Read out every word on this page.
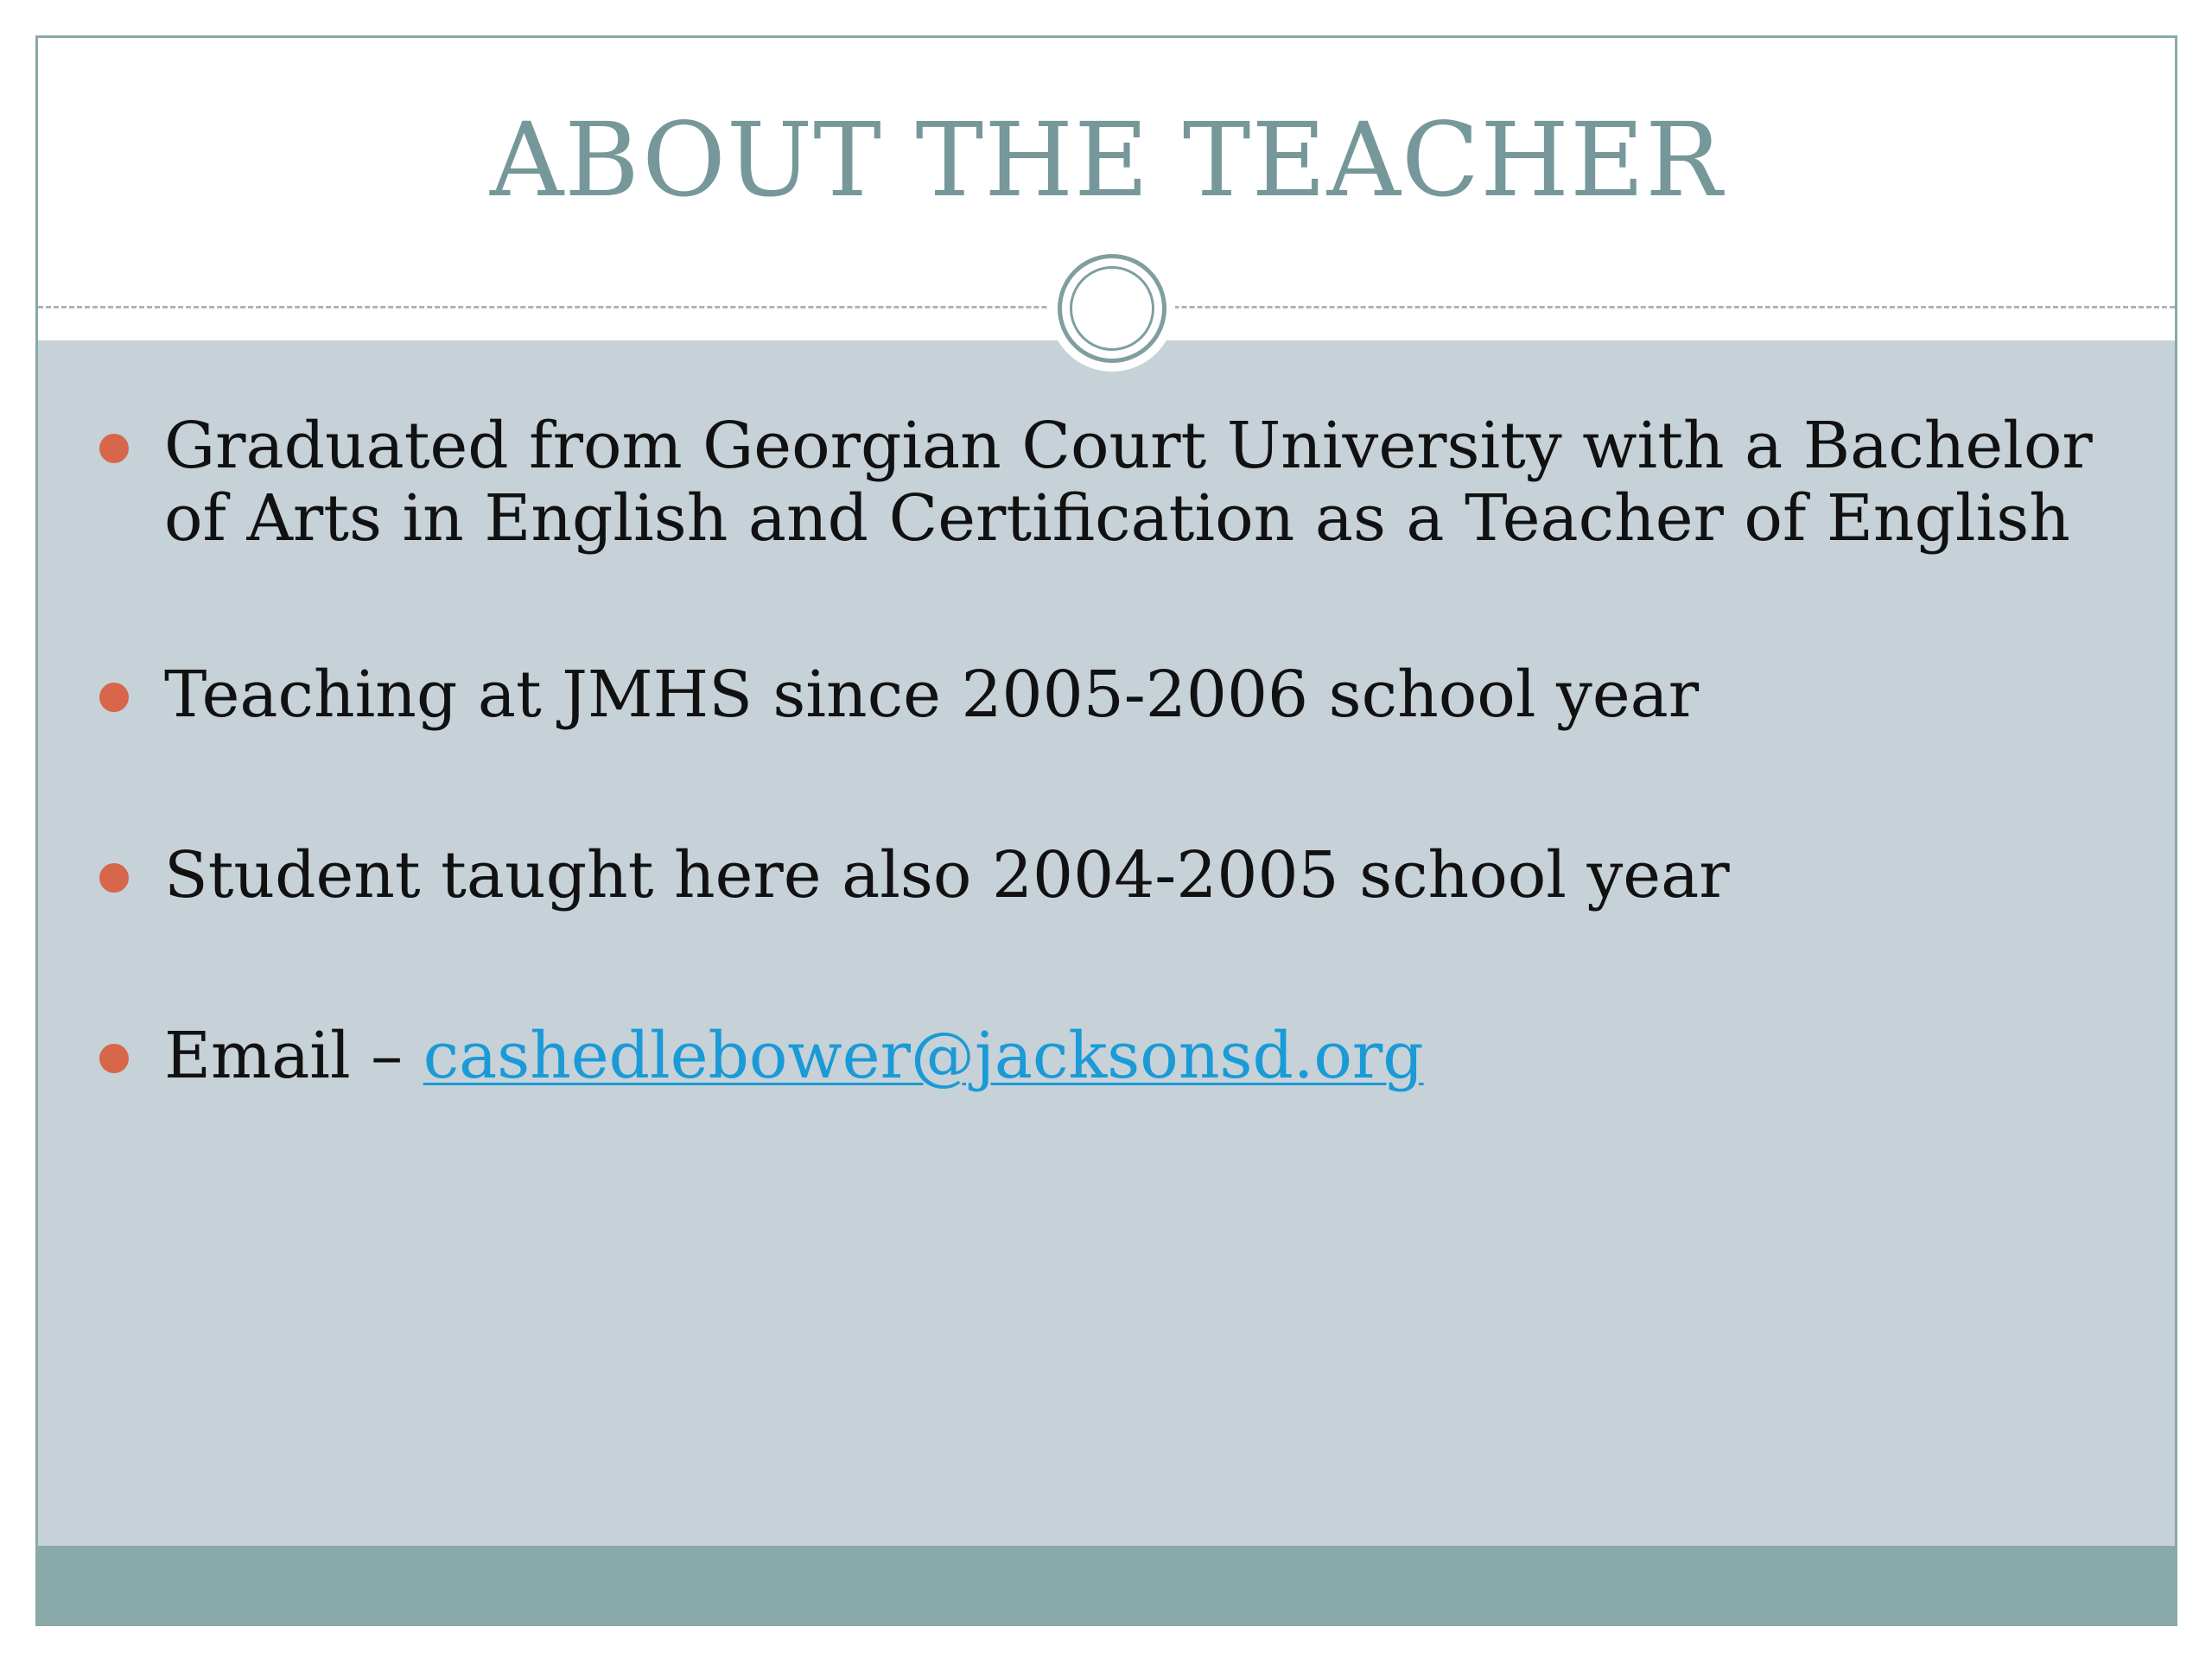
ABOUT THE TEACHER
Graduated from Georgian Court University with a Bachelor of Arts in English and Certification as a Teacher of English
Teaching at JMHS since 2005-2006 school year
Student taught here also 2004-2005 school year
Email – cashedlebower@jacksonsd.org
